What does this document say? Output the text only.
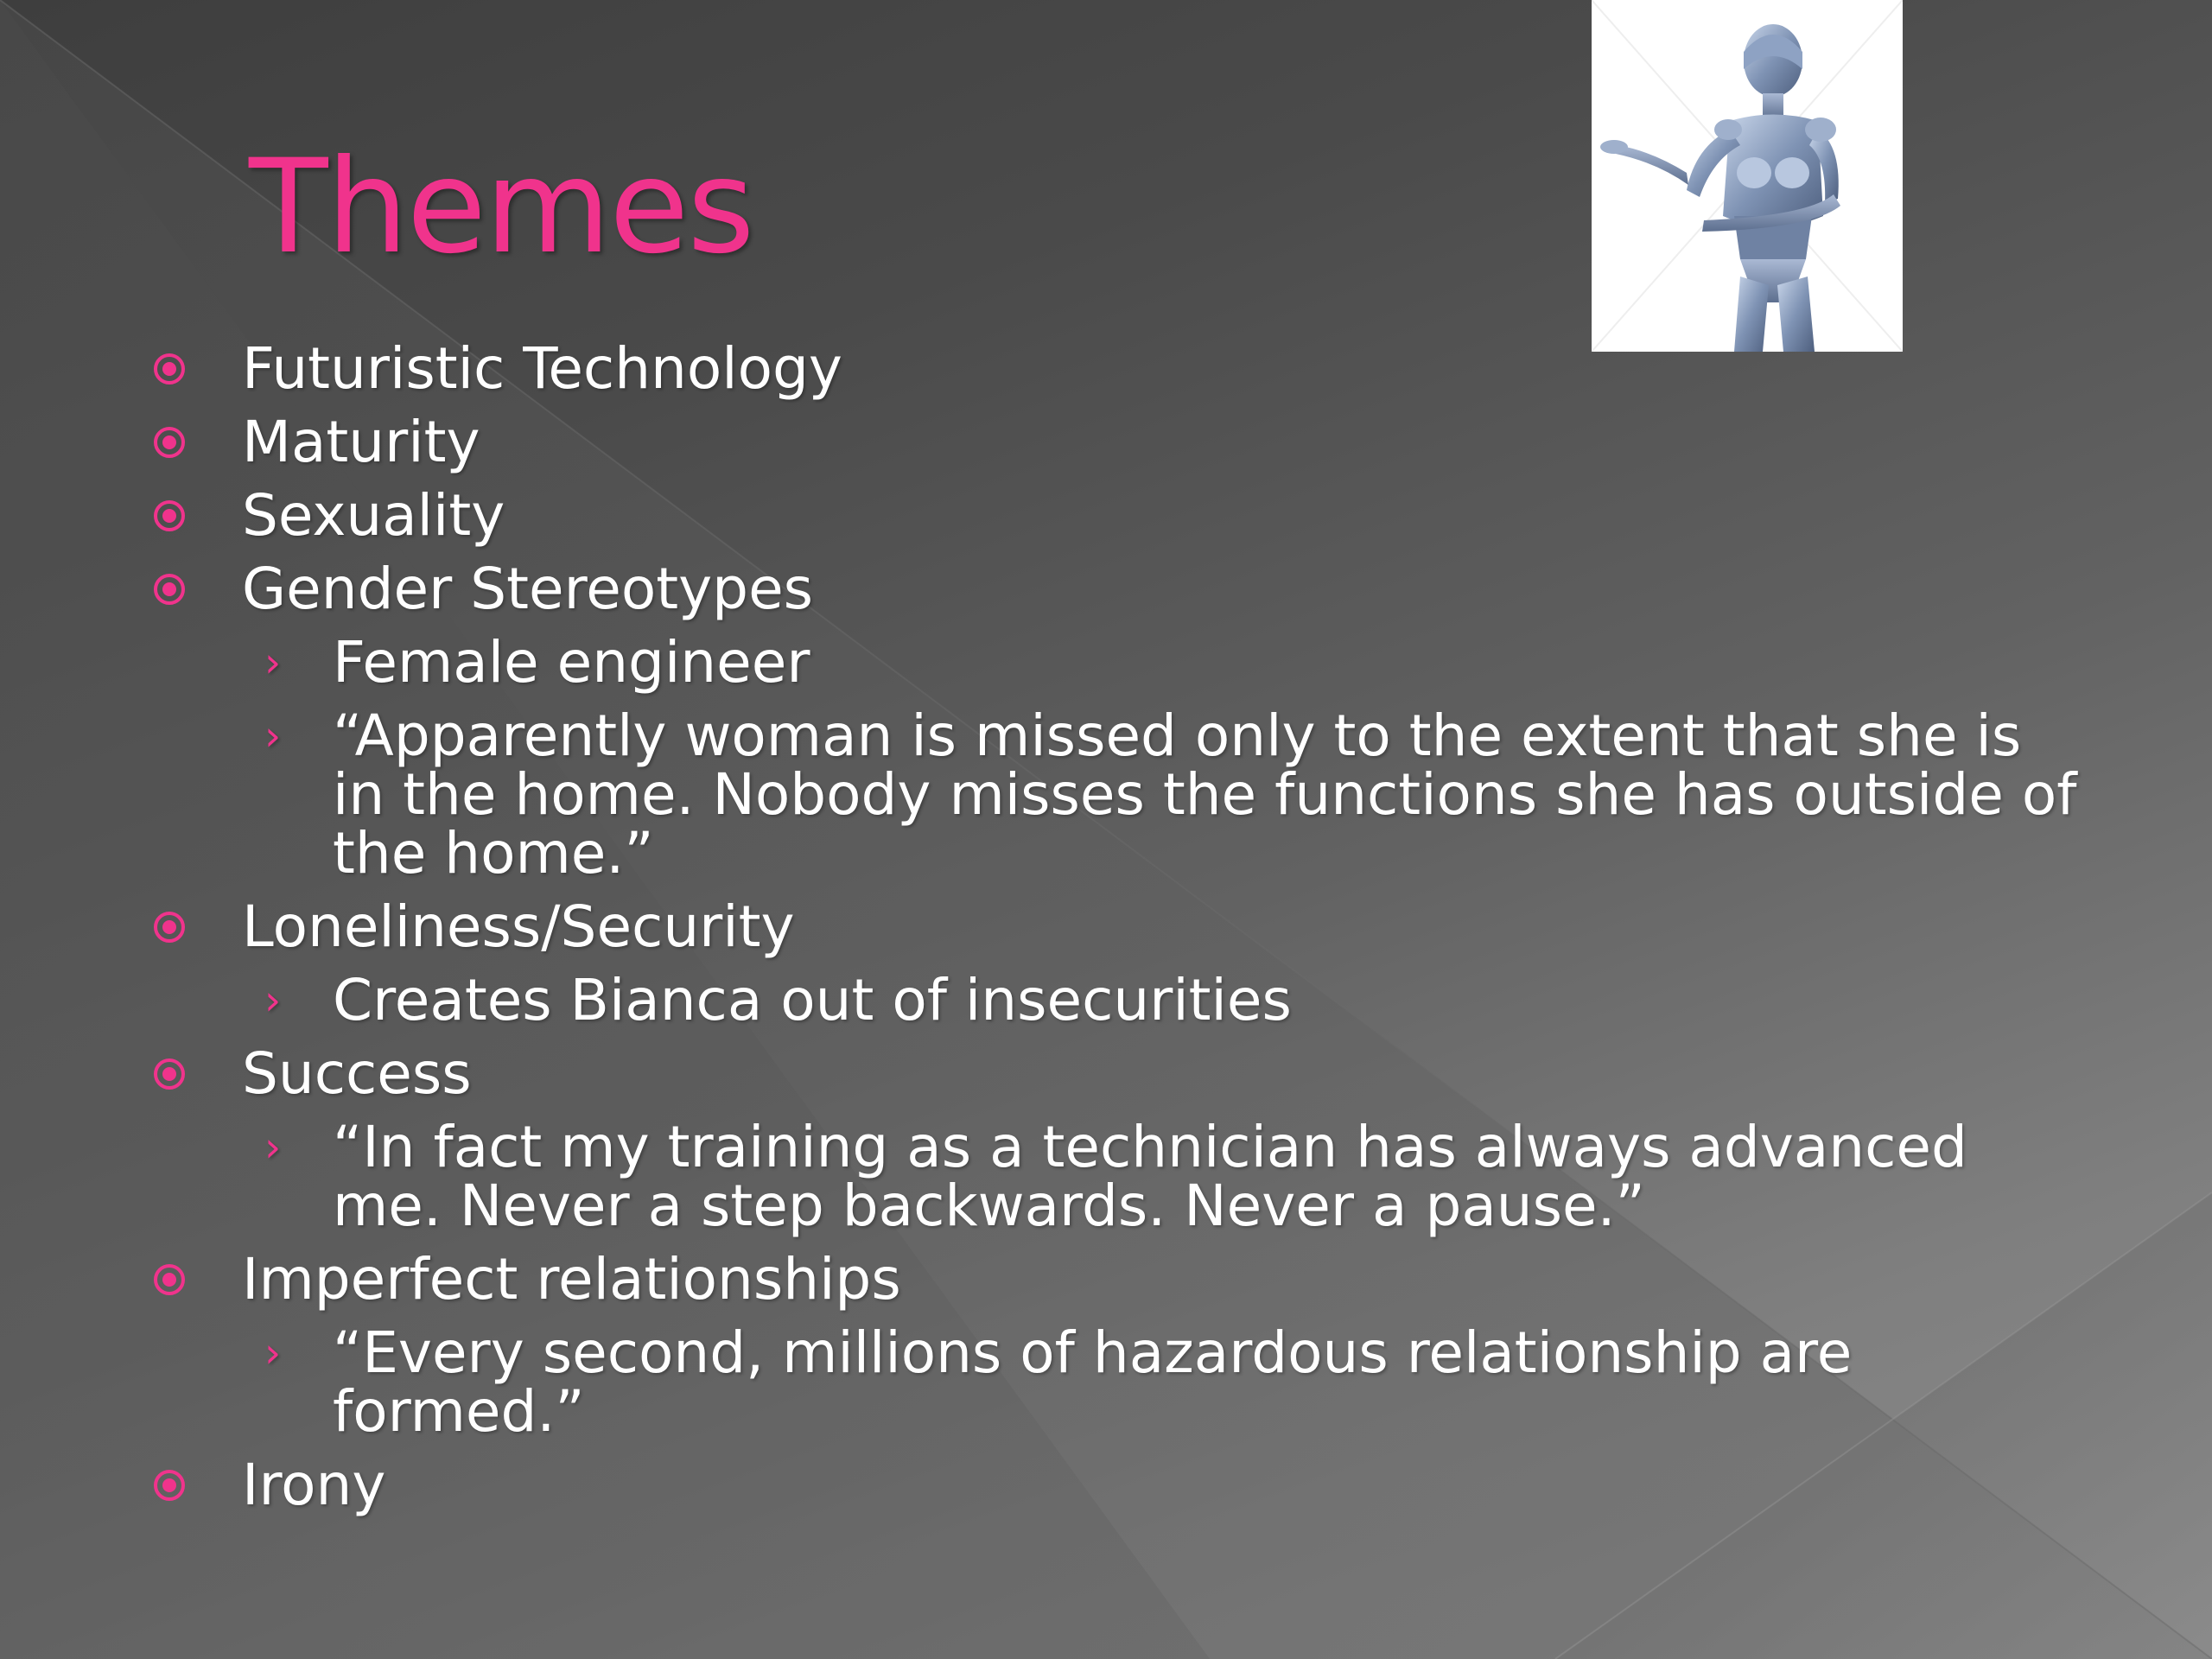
Themes
Futuristic Technology
Maturity
Sexuality
Gender Stereotypes
› Female engineer
› “Apparently woman is missed only to the extent that she is in the home. Nobody misses the functions she has outside of the home.”
Loneliness/Security
› Creates Bianca out of insecurities
Success
› “In fact my training as a technician has always advanced me. Never a step backwards. Never a pause.”
Imperfect relationships
› “Every second, millions of hazardous relationship are formed.”
Irony
